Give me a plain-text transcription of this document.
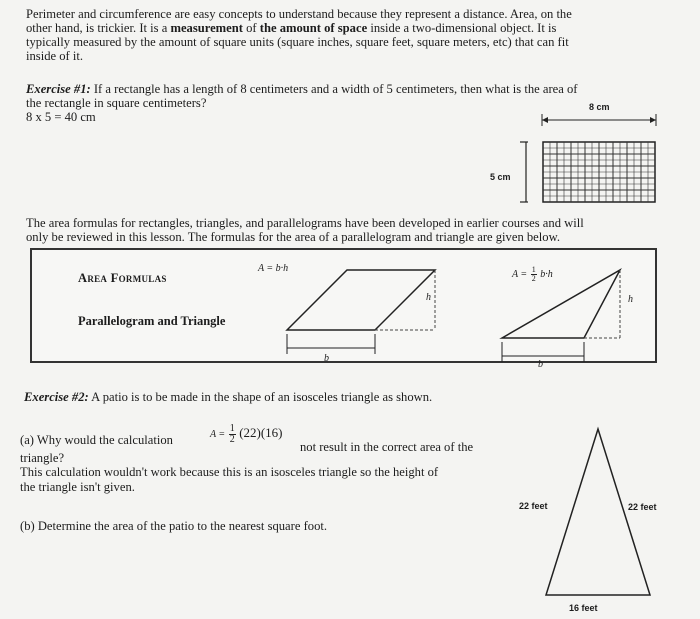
Perimeter and circumference are easy concepts to understand because they represent a distance. Area, on the
other hand, is trickier. It is a measurement of the amount of space inside a two-dimensional object. It is
typically measured by the amount of square units (square inches, square feet, square meters, etc) that can fit
inside of it.
Exercise #1: If a rectangle has a length of 8 centimeters and a width of 5 centimeters, then what is the area of
the rectangle in square centimeters?
8 x 5 = 40 cm
8 cm
5 cm
The area formulas for rectangles, triangles, and parallelograms have been developed in earlier courses and will
only be reviewed in this lesson. The formulas for the area of a parallelogram and triangle are given below.
Area Formulas
Parallelogram and Triangle
A = b·h
h
b
$A = \frac{1}{2} b\cdot h$
h
b
Exercise #2: A patio is to be made in the shape of an isosceles triangle as shown.
(a) Why would the calculation	$A = \frac{1}{2} (22)(16)$
not result in the correct area of the
triangle?
This calculation wouldn't work because this is an isosceles triangle so the height of
the triangle isn't given.
(b) Determine the area of the patio to the nearest square foot.
22 feet	22 feet
16 feet
